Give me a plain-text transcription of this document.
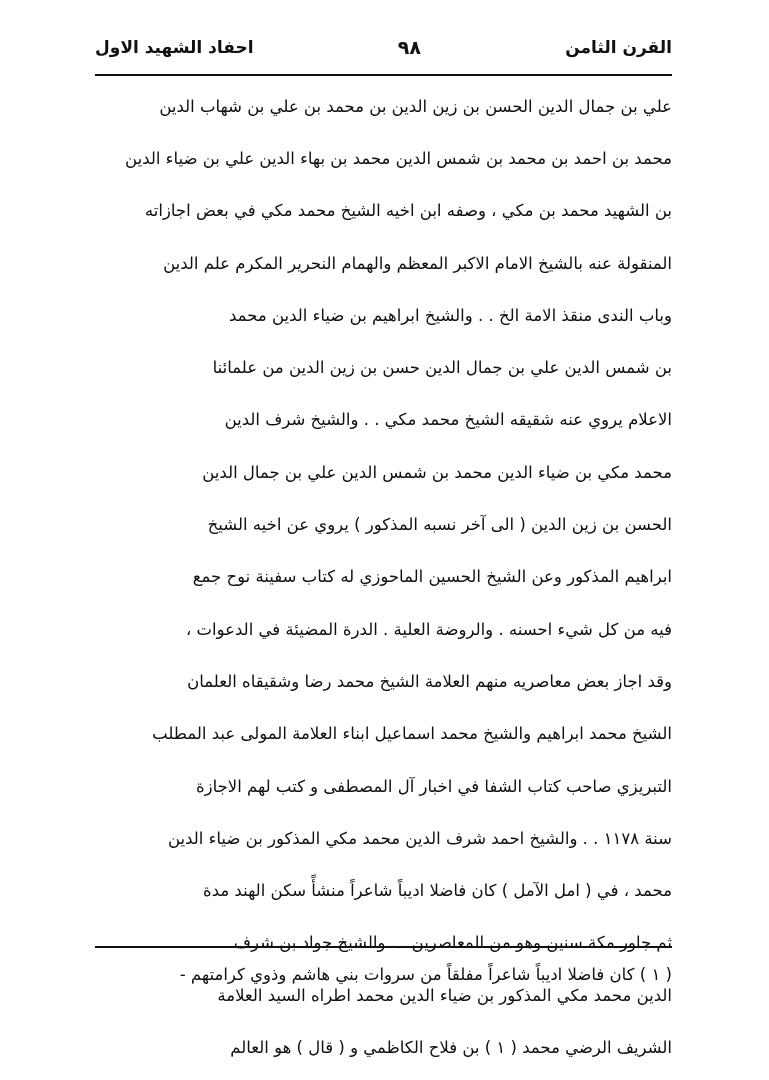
القرن الثامن
٩٨
احفاد الشهيد الاول
علي بن جمال الدين الحسن بن زين الدين بن محمد بن علي بن شهاب الدين
محمد بن احمد بن محمد بن شمس الدين محمد بن بهاء الدين علي بن ضياء الدين
بن الشهيد محمد بن مكي ، وصفه ابن اخيه الشيخ محمد مكي في بعض اجازاته
المنقولة عنه بالشيخ الامام الاكبر المعظم والهمام النحرير المكرم علم الدين
وباب الندى منقذ الامة الخ . . والشيخ ابراهيم بن ضياء الدين محمد
بن شمس الدين علي بن جمال الدين حسن بن زين الدين من علمائنا
الاعلام يروي عنه شقيقه الشيخ محمد مكي . . والشيخ شرف الدين
محمد مكي بن ضياء الدين محمد بن شمس الدين علي بن جمال الدين
الحسن بن زين الدين ( الى آخر نسبه المذكور ) يروي عن اخيه الشيخ
ابراهيم المذكور وعن الشيخ الحسين الماحوزي له كتاب سفينة نوح جمع
فيه من كل شيء احسنه . والروضة العلية . الدرة المضيئة في الدعوات ،
وقد اجاز بعض معاصريه منهم العلامة الشيخ محمد رضا وشقيقاه العلمان
الشيخ محمد ابراهيم والشيخ محمد اسماعيل ابناء العلامة المولى عبد المطلب
التبريزي صاحب كتاب الشفا في اخبار آل المصطفى و كتب لهم الاجازة
سنة ١١٧٨ . . والشيخ احمد شرف الدين محمد مكي المذكور بن ضياء الدين
محمد ، في ( امل الآمل ) كان فاضلا اديباً شاعراً منشأً سكن الهند مدة
ثم جاور مكة سنين وهو من المعاصرين . . والشيخ جواد بن شرف
الدين محمد مكي المذكور بن ضياء الدين محمد اطراه السيد العلامة
الشريف الرضي محمد ( ١ ) بن فلاح الكاظمي و ( قال ) هو العالم
( ١ ) كان فاضلا اديباً شاعراً مفلقاً من سروات بني هاشم وذوي كرامتهم -
